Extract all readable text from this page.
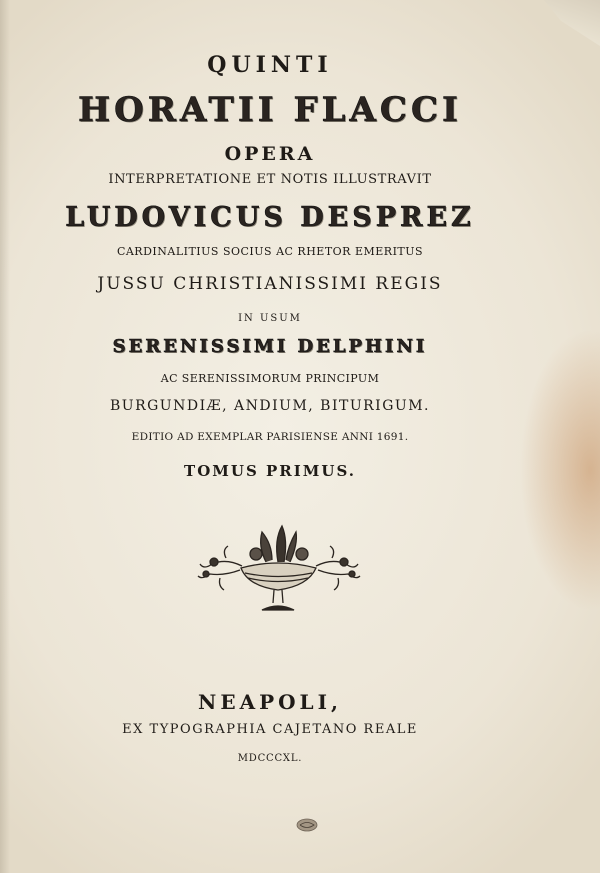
QUINTI
HORATII FLACCI
OPERA
INTERPRETATIONE ET NOTIS ILLUSTRAVIT
LUDOVICUS DESPREZ
CARDINALITIUS SOCIUS AC RHETOR EMERITUS
JUSSU CHRISTIANISSIMI REGIS
IN USUM
SERENISSIMI DELPHINI
AC SERENISSIMORUM PRINCIPUM
BURGUNDIÆ, ANDIUM, BITURIGUM.
EDITIO AD EXEMPLAR PARISIENSE ANNI 1691.
TOMUS PRIMUS.
NEAPOLI,
EX TYPOGRAPHIA CAJETANO REALE
MDCCCXL.
